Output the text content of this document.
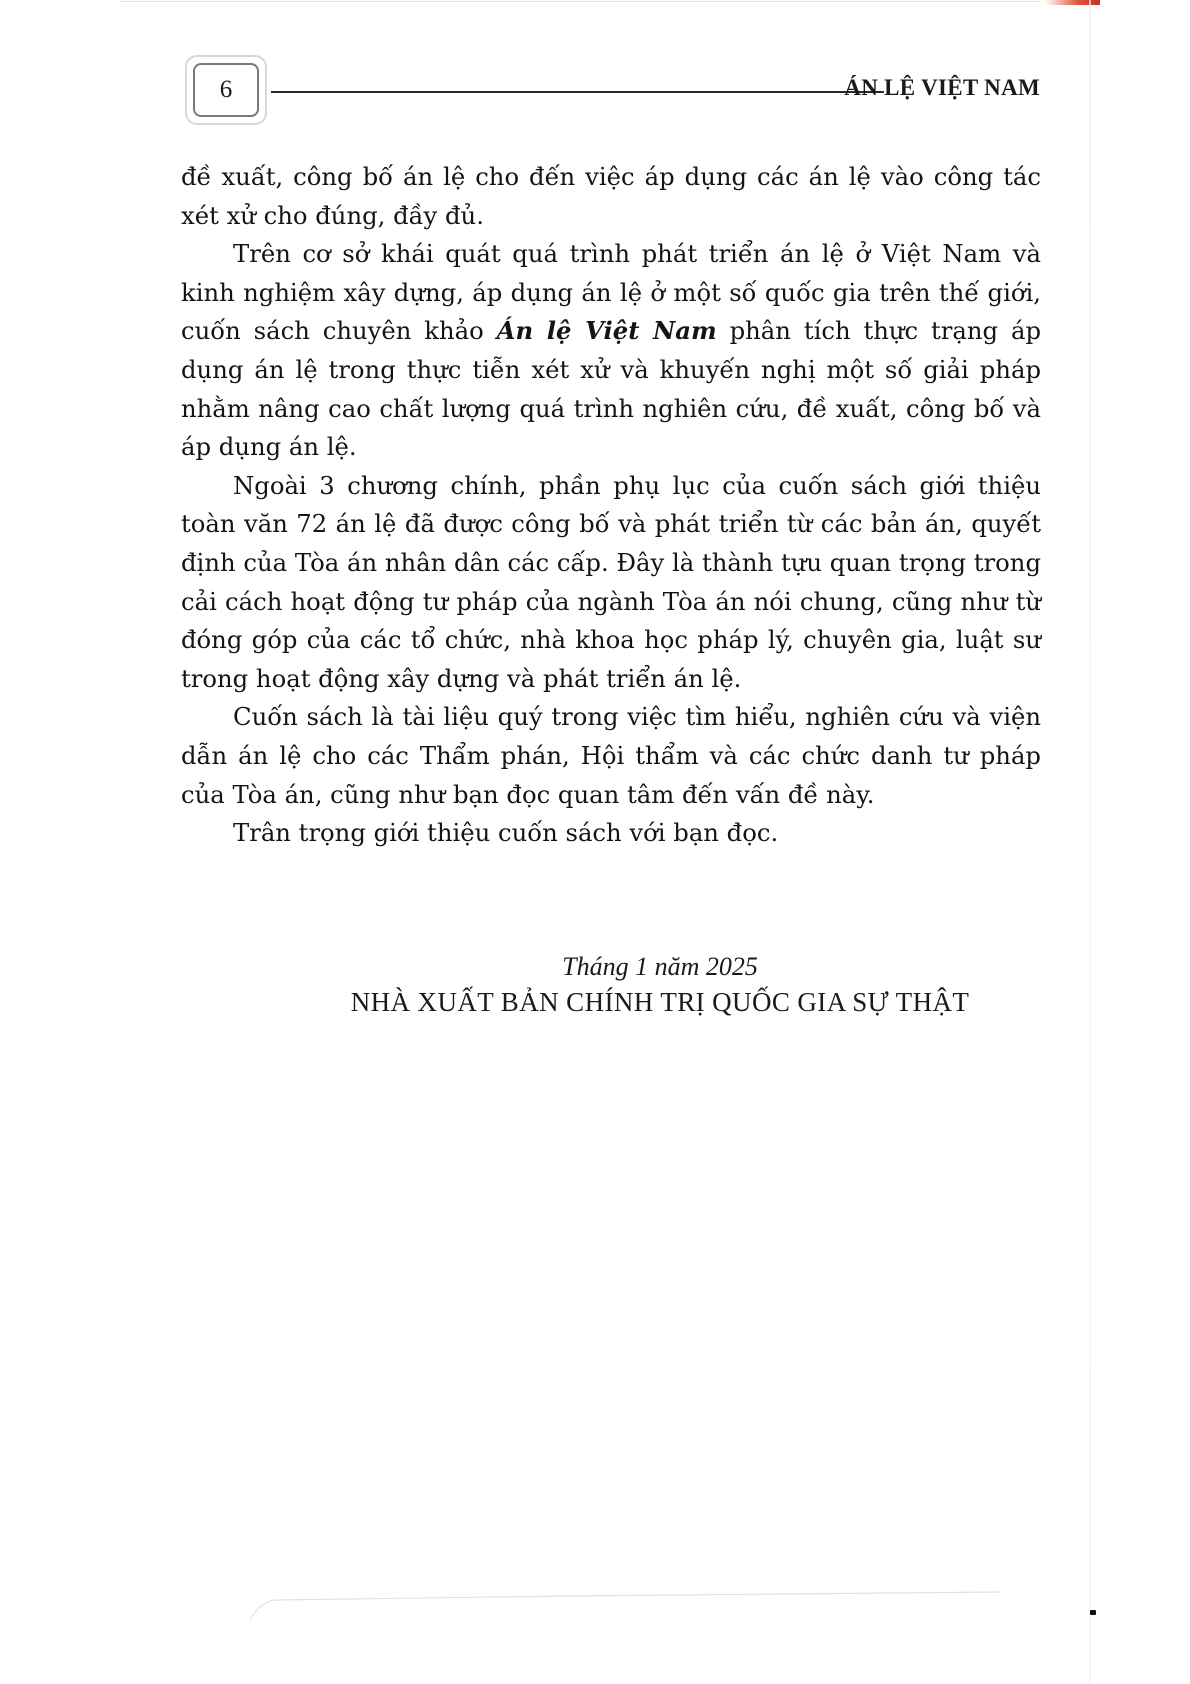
6	ÁN LỆ VIỆT NAM

đề xuất, công bố án lệ cho đến việc áp dụng các án lệ vào công tác xét xử cho đúng, đầy đủ.

Trên cơ sở khái quát quá trình phát triển án lệ ở Việt Nam và kinh nghiệm xây dựng, áp dụng án lệ ở một số quốc gia trên thế giới, cuốn sách chuyên khảo Án lệ Việt Nam phân tích thực trạng áp dụng án lệ trong thực tiễn xét xử và khuyến nghị một số giải pháp nhằm nâng cao chất lượng quá trình nghiên cứu, đề xuất, công bố và áp dụng án lệ.

Ngoài 3 chương chính, phần phụ lục của cuốn sách giới thiệu toàn văn 72 án lệ đã được công bố và phát triển từ các bản án, quyết định của Tòa án nhân dân các cấp. Đây là thành tựu quan trọng trong cải cách hoạt động tư pháp của ngành Tòa án nói chung, cũng như từ đóng góp của các tổ chức, nhà khoa học pháp lý, chuyên gia, luật sư trong hoạt động xây dựng và phát triển án lệ.

Cuốn sách là tài liệu quý trong việc tìm hiểu, nghiên cứu và viện dẫn án lệ cho các Thẩm phán, Hội thẩm và các chức danh tư pháp của Tòa án, cũng như bạn đọc quan tâm đến vấn đề này.

Trân trọng giới thiệu cuốn sách với bạn đọc.

Tháng 1 năm 2025
NHÀ XUẤT BẢN CHÍNH TRỊ QUỐC GIA SỰ THẬT
